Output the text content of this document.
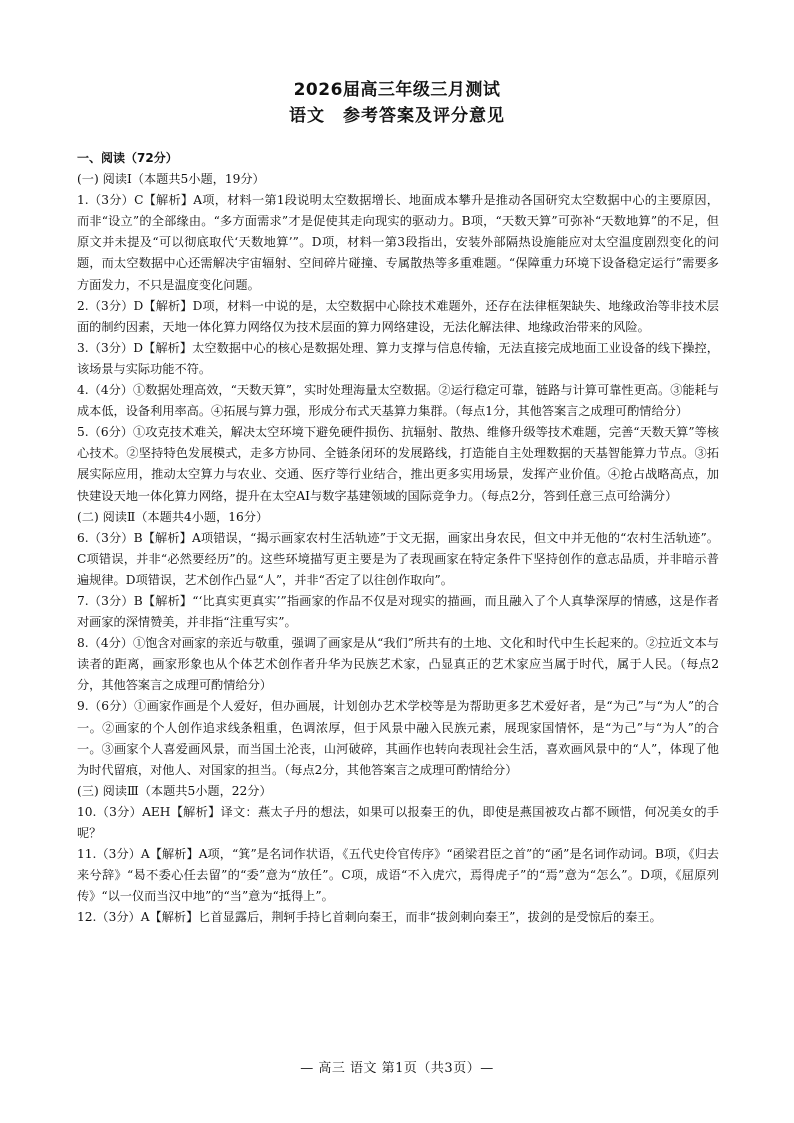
2026届高三年级三月测试
语文　参考答案及评分意见

一、阅读（72分）

(一) 阅读Ⅰ（本题共5小题，19分）

1.（3分）C【解析】A项，材料一第1段说明太空数据增长、地面成本攀升是推动各国研究太空数据中心的主要原因，而非“设立”的全部缘由。“多方面需求”才是促使其走向现实的驱动力。B项，“天数天算”可弥补“天数地算”的不足，但原文并未提及“可以彻底取代‘天数地算’”。D项，材料一第3段指出，安装外部隔热设施能应对太空温度剧烈变化的问题，而太空数据中心还需解决宇宙辐射、空间碎片碰撞、专属散热等多重难题。“保障重力环境下设备稳定运行”需要多方面发力，不只是温度变化问题。

2.（3分）D【解析】D项，材料一中说的是，太空数据中心除技术难题外，还存在法律框架缺失、地缘政治等非技术层面的制约因素，天地一体化算力网络仅为技术层面的算力网络建设，无法化解法律、地缘政治带来的风险。

3.（3分）D【解析】太空数据中心的核心是数据处理、算力支撑与信息传输，无法直接完成地面工业设备的线下操控，该场景与实际功能不符。

4.（4分）①数据处理高效，“天数天算”，实时处理海量太空数据。②运行稳定可靠，链路与计算可靠性更高。③能耗与成本低，设备利用率高。④拓展与算力强，形成分布式天基算力集群。（每点1分，其他答案言之成理可酌情给分）

5.（6分）①攻克技术难关，解决太空环境下避免硬件损伤、抗辐射、散热、维修升级等技术难题，完善“天数天算”等核心技术。②坚持特色发展模式，走多方协同、全链条闭环的发展路线，打造能自主处理数据的天基智能算力节点。③拓展实际应用，推动太空算力与农业、交通、医疗等行业结合，推出更多实用场景，发挥产业价值。④抢占战略高点，加快建设天地一体化算力网络，提升在太空AI与数字基建领域的国际竞争力。（每点2分，答到任意三点可给满分）

(二) 阅读Ⅱ（本题共4小题，16分）

6.（3分）B【解析】A项错误，“揭示画家农村生活轨迹”于文无据，画家出身农民，但文中并无他的“农村生活轨迹”。C项错误，并非“必然要经历”的。这些环境描写更主要是为了表现画家在特定条件下坚持创作的意志品质，并非暗示普遍规律。D项错误，艺术创作凸显“人”，并非“否定了以往创作取向”。

7.（3分）B【解析】“‘比真实更真实’”指画家的作品不仅是对现实的描画，而且融入了个人真挚深厚的情感，这是作者对画家的深情赞美，并非指“注重写实”。

8.（4分）①饱含对画家的亲近与敬重，强调了画家是从“我们”所共有的土地、文化和时代中生长起来的。②拉近文本与读者的距离，画家形象也从个体艺术创作者升华为民族艺术家，凸显真正的艺术家应当属于时代，属于人民。（每点2分，其他答案言之成理可酌情给分）

9.（6分）①画家作画是个人爱好，但办画展，计划创办艺术学校等是为帮助更多艺术爱好者，是“为己”与“为人”的合一。②画家的个人创作追求线条粗重，色调浓厚，但于风景中融入民族元素，展现家国情怀，是“为己”与“为人”的合一。③画家个人喜爱画风景，而当国土沦丧，山河破碎，其画作也转向表现社会生活，喜欢画风景中的“人”，体现了他为时代留痕，对他人、对国家的担当。（每点2分，其他答案言之成理可酌情给分）

(三) 阅读Ⅲ（本题共5小题，22分）

10.（3分）AEH【解析】译文：燕太子丹的想法，如果可以报秦王的仇，即使是燕国被攻占都不顾惜，何况美女的手呢？

11.（3分）A【解析】A项，“箕”是名词作状语，《五代史伶官传序》“函梁君臣之首”的“函”是名词作动词。B项，《归去来兮辞》“曷不委心任去留”的“委”意为“放任”。C项，成语“不入虎穴，焉得虎子”的“焉”意为“怎么”。D项，《屈原列传》“以一仪而当汉中地”的“当”意为“抵得上”。

12.（3分）A【解析】匕首显露后，荆轲手持匕首刺向秦王，而非“拔剑刺向秦王”，拔剑的是受惊后的秦王。

— 高三 语文 第1页（共3页）—
